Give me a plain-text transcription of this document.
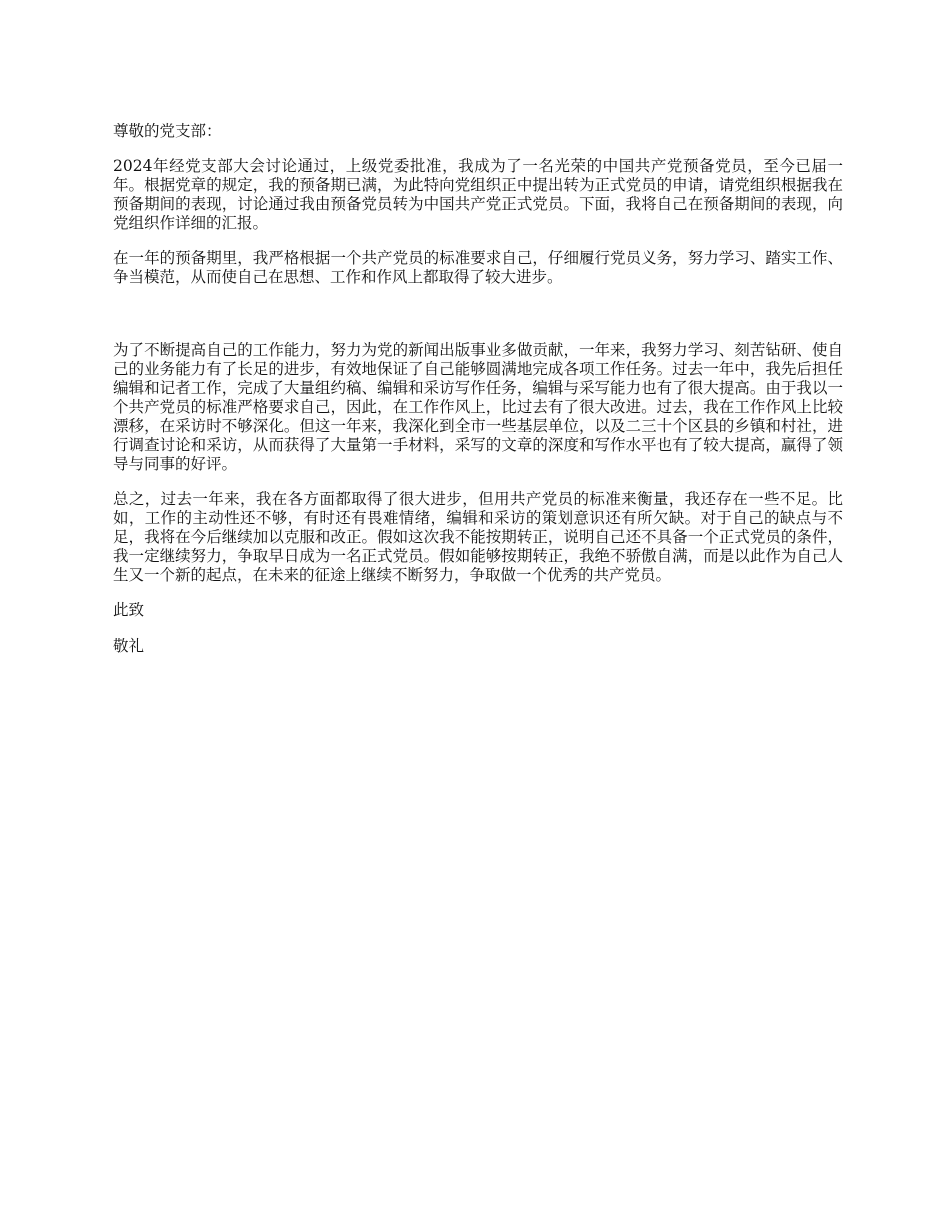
尊敬的党支部：

2024年经党支部大会讨论通过，上级党委批准，我成为了一名光荣的中国共产党预备党员，至今已届一年。根据党章的规定，我的预备期已满，为此特向党组织正中提出转为正式党员的申请，请党组织根据我在预备期间的表现，讨论通过我由预备党员转为中国共产党正式党员。下面，我将自己在预备期间的表现，向党组织作详细的汇报。

在一年的预备期里，我严格根据一个共产党员的标准要求自己，仔细履行党员义务，努力学习、踏实工作、争当模范，从而使自己在思想、工作和作风上都取得了较大进步。

为了不断提高自己的工作能力，努力为党的新闻出版事业多做贡献，一年来，我努力学习、刻苦钻研、使自己的业务能力有了长足的进步，有效地保证了自己能够圆满地完成各项工作任务。过去一年中，我先后担任编辑和记者工作，完成了大量组约稿、编辑和采访写作任务，编辑与采写能力也有了很大提高。由于我以一个共产党员的标准严格要求自己，因此，在工作作风上，比过去有了很大改进。过去，我在工作作风上比较漂移，在采访时不够深化。但这一年来，我深化到全市一些基层单位，以及二三十个区县的乡镇和村社，进行调查讨论和采访，从而获得了大量第一手材料，采写的文章的深度和写作水平也有了较大提高，赢得了领导与同事的好评。

总之，过去一年来，我在各方面都取得了很大进步，但用共产党员的标准来衡量，我还存在一些不足。比如，工作的主动性还不够，有时还有畏难情绪，编辑和采访的策划意识还有所欠缺。对于自己的缺点与不足，我将在今后继续加以克服和改正。假如这次我不能按期转正，说明自己还不具备一个正式党员的条件，我一定继续努力，争取早日成为一名正式党员。假如能够按期转正，我绝不骄傲自满，而是以此作为自己人生又一个新的起点，在未来的征途上继续不断努力，争取做一个优秀的共产党员。

此致

敬礼
